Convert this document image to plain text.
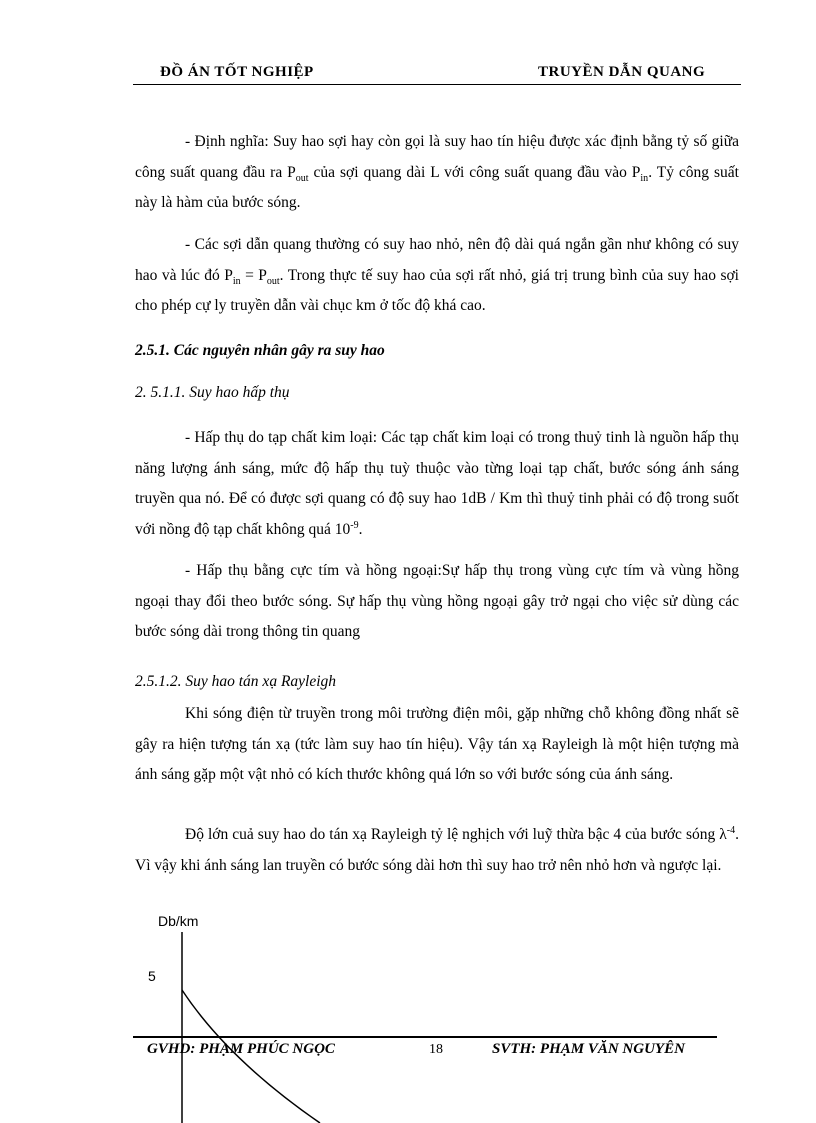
ĐỒ ÁN TỐT NGHIỆP	TRUYỀN DẪN QUANG
- Định nghĩa: Suy hao sợi hay còn gọi là suy hao tín hiệu được xác định bằng tỷ số giữa công suất quang đầu ra $P_{out}$ của sợi quang dài L với công suất quang đầu vào $P_{in}$. Tỷ công suất này là hàm của bước sóng.
- Các sợi dẫn quang thường có suy hao nhỏ, nên độ dài quá ngắn gần như không có suy hao và lúc đó $P_{in} = P_{out}$. Trong thực tế suy hao của sợi rất nhỏ, giá trị trung bình của suy hao sợi cho phép cự ly truyền dẫn vài chục km ở tốc độ khá cao.
2.5.1. Các nguyên nhân gây ra suy hao
2. 5.1.1. Suy hao hấp thụ
- Hấp thụ do tạp chất kim loại: Các tạp chất kim loại có trong thuỷ tinh là nguồn hấp thụ năng lượng ánh sáng, mức độ hấp thụ tuỳ thuộc vào từng loại tạp chất, bước sóng ánh sáng truyền qua nó. Để có được sợi quang có độ suy hao 1dB / Km thì thuỷ tinh phải có độ trong suốt với nồng độ tạp chất không quá $10^{-9}$.
- Hấp thụ bằng cực tím và hồng ngoại:Sự hấp thụ trong vùng cực tím và vùng hồng ngoại thay đổi theo bước sóng. Sự hấp thụ vùng hồng ngoại gây trở ngại cho việc sử dùng các bước sóng dài trong thông tin quang
2.5.1.2. Suy hao tán xạ Rayleigh
Khi sóng điện từ truyền trong môi trường điện môi, gặp những chỗ không đồng nhất sẽ gây ra hiện tượng tán xạ (tức làm suy hao tín hiệu). Vậy tán xạ Rayleigh là một hiện tượng mà ánh sáng gặp một vật nhỏ có kích thước không quá lớn so với bước sóng của ánh sáng.
Độ lớn cuả suy hao do tán xạ Rayleigh tỷ lệ nghịch với luỹ thừa bậc 4 của bước sóng $\lambda^{-4}$. Vì vậy khi ánh sáng lan truyền có bước sóng dài hơn thì suy hao trở nên nhỏ hơn và ngược lại.
Db/km
5
GVHD: PHẠM PHÚC NGỌC	18	SVTH: PHẠM VĂN NGUYÊN
